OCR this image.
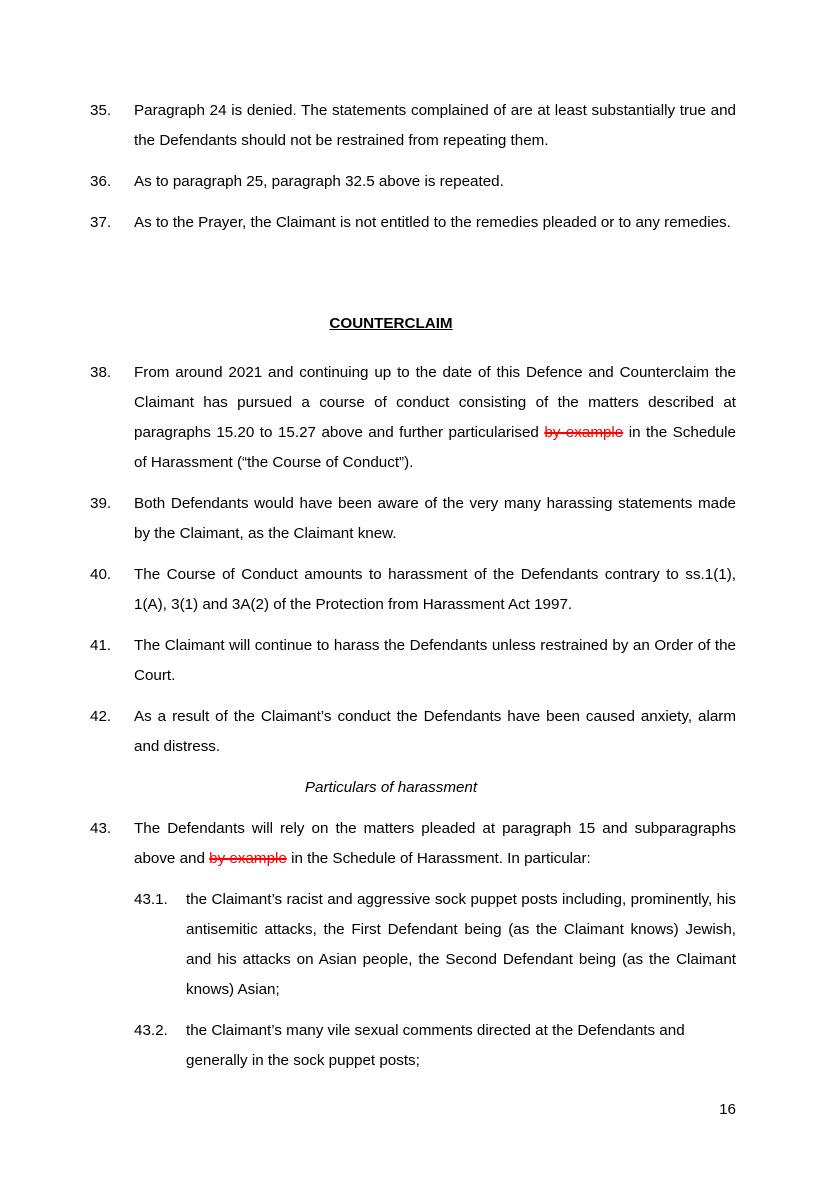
35.	Paragraph 24 is denied. The statements complained of are at least substantially true and the Defendants should not be restrained from repeating them.
36.	As to paragraph 25, paragraph 32.5 above is repeated.
37.	As to the Prayer, the Claimant is not entitled to the remedies pleaded or to any remedies.
COUNTERCLAIM
38.	From around 2021 and continuing up to the date of this Defence and Counterclaim the Claimant has pursued a course of conduct consisting of the matters described at paragraphs 15.20 to 15.27 above and further particularised by example in the Schedule of Harassment (“the Course of Conduct”).
39.	Both Defendants would have been aware of the very many harassing statements made by the Claimant, as the Claimant knew.
40.	The Course of Conduct amounts to harassment of the Defendants contrary to ss.1(1), 1(A), 3(1) and 3A(2) of the Protection from Harassment Act 1997.
41.	The Claimant will continue to harass the Defendants unless restrained by an Order of the Court.
42.	As a result of the Claimant’s conduct the Defendants have been caused anxiety, alarm and distress.
Particulars of harassment
43.	The Defendants will rely on the matters pleaded at paragraph 15 and subparagraphs above and by example in the Schedule of Harassment. In particular:
43.1.	the Claimant’s racist and aggressive sock puppet posts including, prominently, his antisemitic attacks, the First Defendant being (as the Claimant knows) Jewish, and his attacks on Asian people, the Second Defendant being (as the Claimant knows) Asian;
43.2.	the Claimant’s many vile sexual comments directed at the Defendants and generally in the sock puppet posts;
16
